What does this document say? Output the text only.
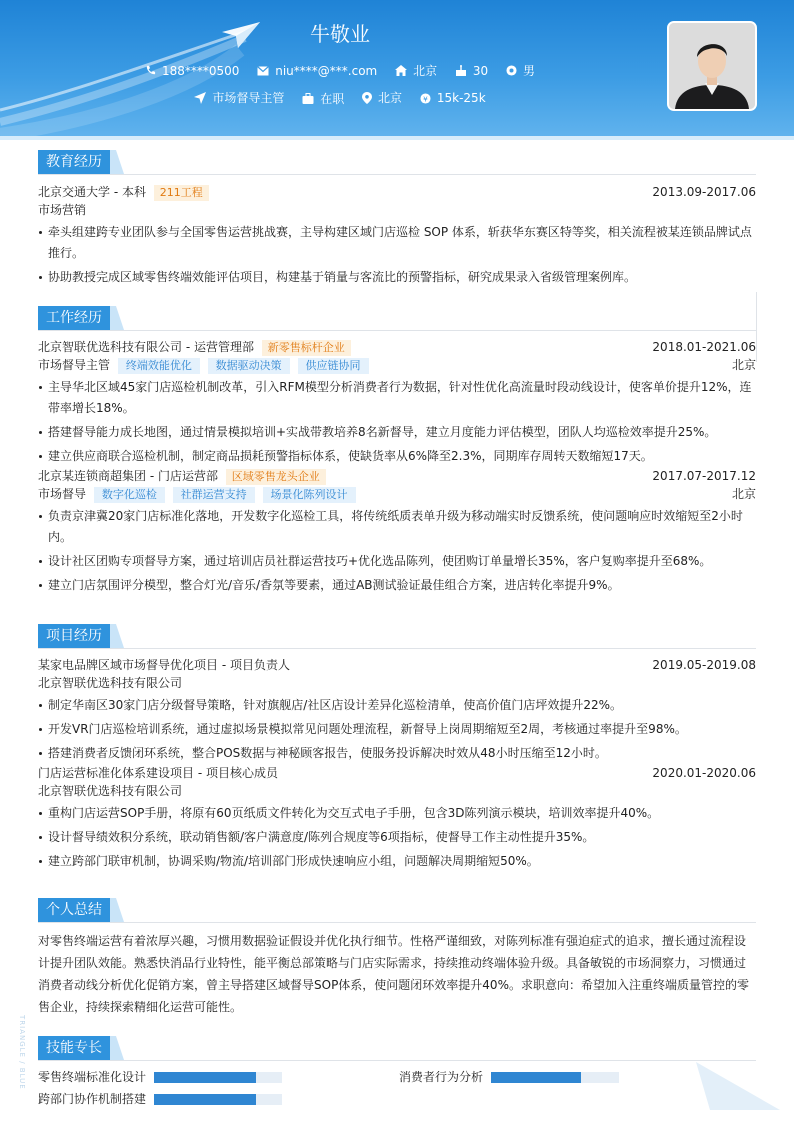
牛敬业
188****0500
	niu****@***.com
	北京
	30
	男
市场督导主管
	在职
	北京
	¥ 15k-25k
教育经历
北京交通大学 - 本科 211工程	2013.09-2017.06
市场营销
牵头组建跨专业团队参与全国零售运营挑战赛，主导构建区域门店巡检 SOP 体系，斩获华东赛区特等奖，相关流程被某连锁品牌试点推行。
协助教授完成区域零售终端效能评估项目，构建基于销量与客流比的预警指标，研究成果录入省级管理案例库。
工作经历
北京智联优选科技有限公司 - 运营管理部 新零售标杆企业	2018.01-2021.06
市场督导主管 终端效能优化 数据驱动决策 供应链协同	北京
主导华北区域45家门店巡检机制改革，引入RFM模型分析消费者行为数据，针对性优化高流量时段动线设计，使客单价提升12%，连带率增长18%。
搭建督导能力成长地图，通过情景模拟培训+实战带教培养8名新督导，建立月度能力评估模型，团队人均巡检效率提升25%。
建立供应商联合巡检机制，制定商品损耗预警指标体系，使缺货率从6%降至2.3%，同期库存周转天数缩短17天。
北京某连锁商超集团 - 门店运营部 区域零售龙头企业	2017.07-2017.12
市场督导 数字化巡检 社群运营支持 场景化陈列设计	北京
负责京津冀20家门店标准化落地，开发数字化巡检工具，将传统纸质表单升级为移动端实时反馈系统，使问题响应时效缩短至2小时内。
设计社区团购专项督导方案，通过培训店员社群运营技巧+优化选品陈列，使团购订单量增长35%，客户复购率提升至68%。
建立门店氛围评分模型，整合灯光/音乐/香氛等要素，通过AB测试验证最佳组合方案，进店转化率提升9%。
项目经历
某家电品牌区域市场督导优化项目 - 项目负责人	2019.05-2019.08
北京智联优选科技有限公司
制定华南区30家门店分级督导策略，针对旗舰店/社区店设计差异化巡检清单，使高价值门店坪效提升22%。
开发VR门店巡检培训系统，通过虚拟场景模拟常见问题处理流程，新督导上岗周期缩短至2周，考核通过率提升至98%。
搭建消费者反馈闭环系统，整合POS数据与神秘顾客报告，使服务投诉解决时效从48小时压缩至12小时。
门店运营标准化体系建设项目 - 项目核心成员	2020.01-2020.06
北京智联优选科技有限公司
重构门店运营SOP手册，将原有60页纸质文件转化为交互式电子手册，包含3D陈列演示模块，培训效率提升40%。
设计督导绩效积分系统，联动销售额/客户满意度/陈列合规度等6项指标，使督导工作主动性提升35%。
建立跨部门联审机制，协调采购/物流/培训部门形成快速响应小组，问题解决周期缩短50%。
个人总结
对零售终端运营有着浓厚兴趣，习惯用数据验证假设并优化执行细节。性格严谨细致，对陈列标准有强迫症式的追求，擅长通过流程设计提升团队效能。熟悉快消品行业特性，能平衡总部策略与门店实际需求，持续推动终端体验升级。具备敏锐的市场洞察力，习惯通过消费者动线分析优化促销方案，曾主导搭建区域督导SOP体系，使问题闭环效率提升40%。求职意向：希望加入注重终端质量管控的零售企业，持续探索精细化运营可能性。
技能专长
零售终端标准化设计	消费者行为分析
跨部门协作机制搭建
TRIANGLE / BLUE
